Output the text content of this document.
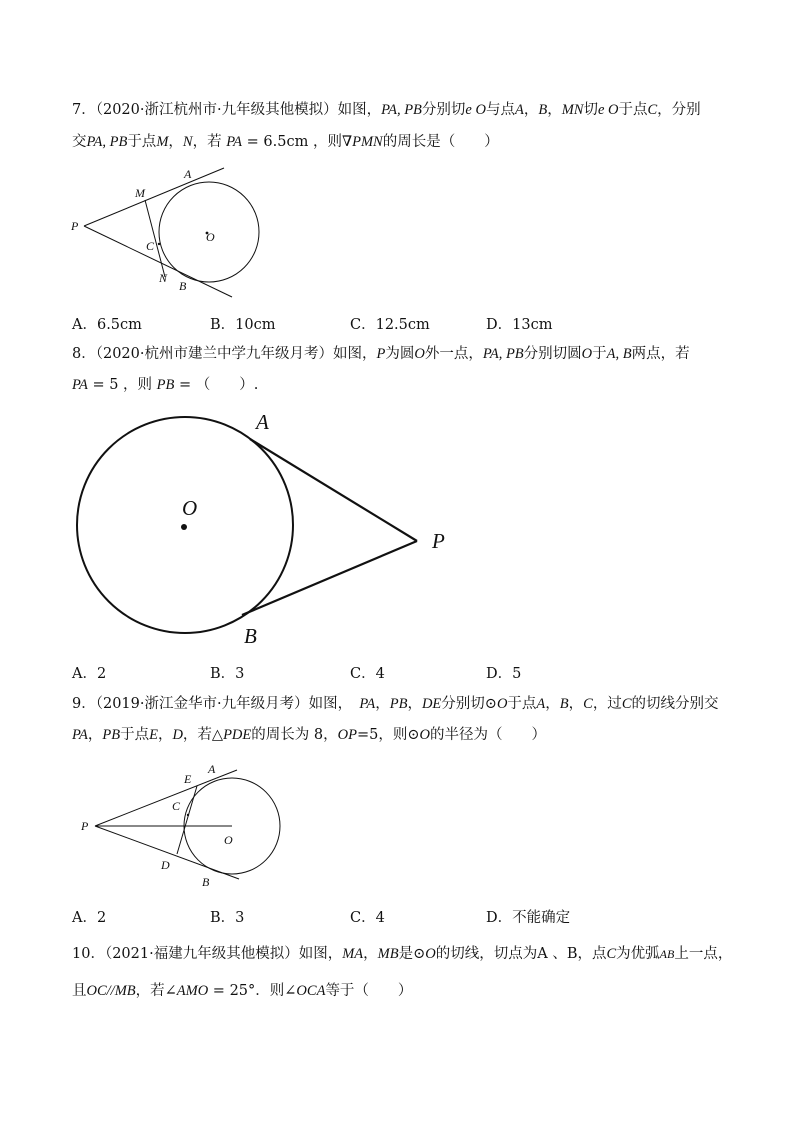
7．（2020·浙江杭州市·九年级其他模拟）如图，PA, PB分别切e O与点A，B，MN切e O于点C，分别
交PA, PB于点M，N，若 PA = 6.5cm ，则∇PMN的周长是（　　）
P
M
A
O
C
N
B
A．6.5cm	B．10cm	C．12.5cm	D．13cm
8．（2020·杭州市建兰中学九年级月考）如图，P为圆O外一点，PA, PB分别切圆O于A, B两点，若
PA = 5 ，则 PB = （　　）.
A
O
P
B
A．2	B．3	C．4	D．5
9．（2019·浙江金华市·九年级月考）如图，　PA，PB，DE分别切⊙O于点A，B，C，过C的切线分别交
PA，PB于点E，D，若△PDE的周长为 8，OP=5，则⊙O的半径为（　　）
A
E
C
P
O
D
B
A．2	B．3	C．4	D．不能确定
10．（2021·福建九年级其他模拟）如图，MA，MB是⊙O的切线，切点为A 、B，点C为优弧AB上一点，
且OC//MB，若∠AMO = 25°．则∠OCA等于（　　）
